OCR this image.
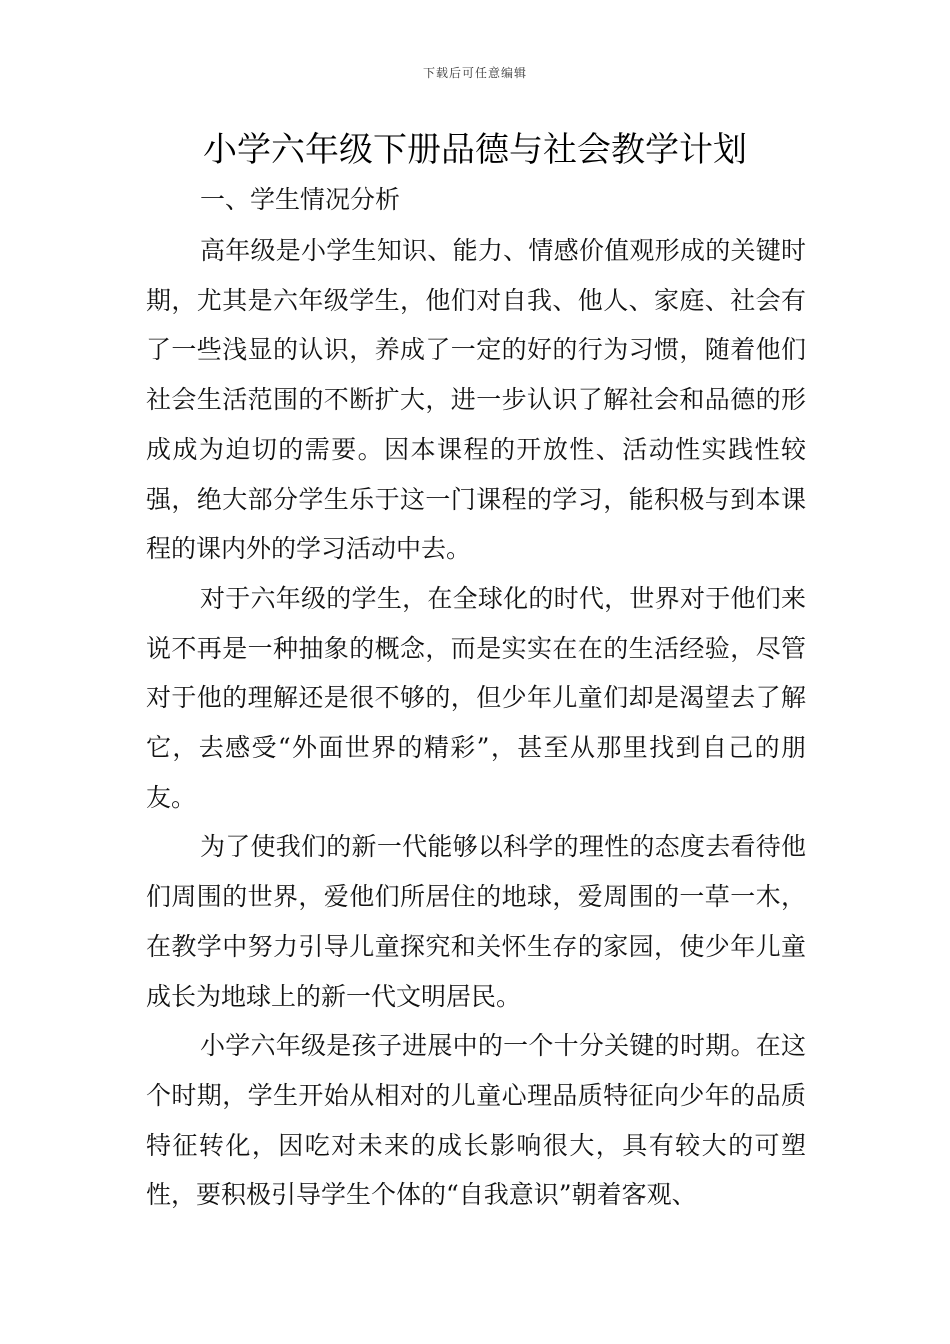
下载后可任意编辑
小学六年级下册品德与社会教学计划
一、学生情况分析

高年级是小学生知识、能力、情感价值观形成的关键时期，尤其是六年级学生，他们对自我、他人、家庭、社会有了一些浅显的认识，养成了一定的好的行为习惯，随着他们社会生活范围的不断扩大，进一步认识了解社会和品德的形成成为迫切的需要。因本课程的开放性、活动性实践性较强，绝大部分学生乐于这一门课程的学习，能积极与到本课程的课内外的学习活动中去。

对于六年级的学生，在全球化的时代，世界对于他们来说不再是一种抽象的概念，而是实实在在的生活经验，尽管对于他的理解还是很不够的，但少年儿童们却是渴望去了解它，去感受“外面世界的精彩”，甚至从那里找到自己的朋友。

为了使我们的新一代能够以科学的理性的态度去看待他们周围的世界，爱他们所居住的地球，爱周围的一草一木，在教学中努力引导儿童探究和关怀生存的家园，使少年儿童成长为地球上的新一代文明居民。

小学六年级是孩子进展中的一个十分关键的时期。在这个时期，学生开始从相对的儿童心理品质特征向少年的品质特征转化，因吃对未来的成长影响很大，具有较大的可塑性，要积极引导学生个体的“自我意识”朝着客观、
